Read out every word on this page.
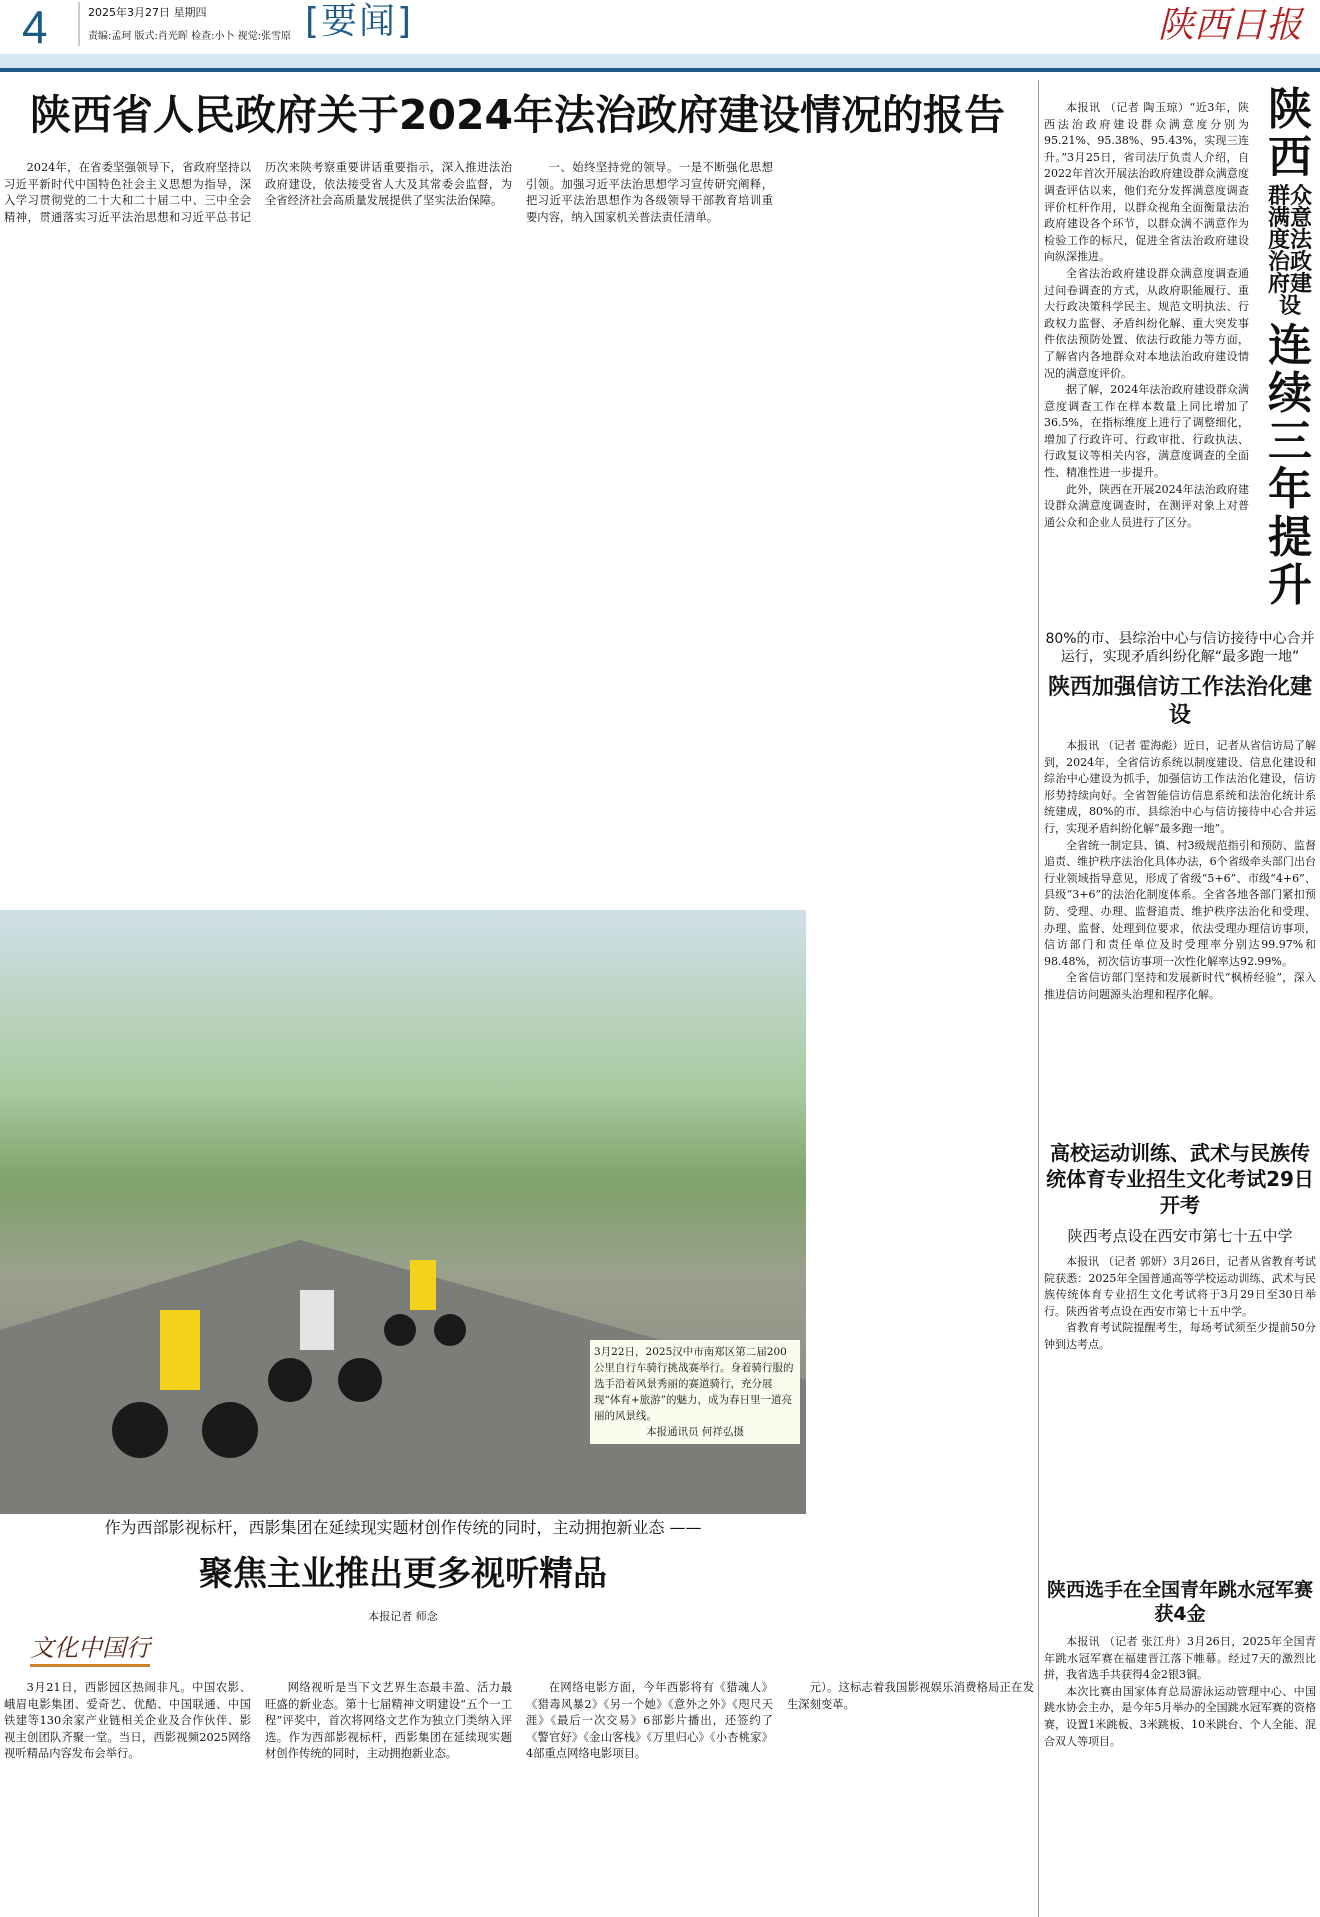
4	2025年3月27日 星期四
责编:孟珂 版式:肖光晖 检查:小卜 视觉:张雪原 [要闻]	陕西日报
陕西省人民政府关于2024年法治政府建设情况的报告

2024年，在省委坚强领导下，省政府坚持以习近平新时代中国特色社会主义思想为指导，深入学习贯彻党的二十大和二十届二中、三中全会精神，贯通落实习近平法治思想和习近平总书记历次来陕考察重要讲话重要指示，深入推进法治政府建设，依法接受省人大及其常委会监督，为全省经济社会高质量发展提供了坚实法治保障。

一、始终坚持党的领导。一是不断强化思想引领。加强习近平法治思想学习宣传研究阐释，把习近平法治思想作为各级领导干部教育培训重要内容，纳入国家机关普法责任清单。

本报讯 （记者 陶玉琼）“近3年，陕西法治政府建设群众满意度分别为95.21%、95.38%、95.43%，实现三连升。”3月25日，省司法厅负责人介绍，自2022年首次开展法治政府建设群众满意度调查评估以来，他们充分发挥满意度调查评价杠杆作用，以群众视角全面衡量法治政府建设各个环节，以群众满不满意作为检验工作的标尺，促进全省法治政府建设向纵深推进。

全省法治政府建设群众满意度调查通过问卷调查的方式，从政府职能履行、重大行政决策科学民主、规范文明执法、行政权力监督、矛盾纠纷化解、重大突发事件依法预防处置、依法行政能力等方面，了解省内各地群众对本地法治政府建设情况的满意度评价。

据了解，2024年法治政府建设群众满意度调查工作在样本数量上同比增加了36.5%，在指标维度上进行了调整细化，增加了行政许可、行政审批、行政执法、行政复议等相关内容，满意度调查的全面性、精准性进一步提升。

此外，陕西在开展2024年法治政府建设群众满意度调查时，在测评对象上对普通公众和企业人员进行了区分。

陕西
群众满意度法治政府建设
连续三年提升
80%的市、县综治中心与信访接待中心合并运行，实现矛盾纠纷化解“最多跑一地”
陕西加强信访工作法治化建设

本报讯 （记者 霍海彪）近日，记者从省信访局了解到，2024年，全省信访系统以制度建设、信息化建设和综治中心建设为抓手，加强信访工作法治化建设，信访形势持续向好。全省智能信访信息系统和法治化统计系统建成，80%的市、县综治中心与信访接待中心合并运行，实现矛盾纠纷化解“最多跑一地”。

全省统一制定县、镇、村3级规范指引和预防、监督追责、维护秩序法治化具体办法，6个省级牵头部门出台行业领域指导意见，形成了省级“5+6”、市级“4+6”、县级“3+6”的法治化制度体系。全省各地各部门紧扣预防、受理、办理、监督追责、维护秩序法治化和受理、办理、监督、处理到位要求，依法受理办理信访事项，信访部门和责任单位及时受理率分别达99.97%和98.48%，初次信访事项一次性化解率达92.99%。

全省信访部门坚持和发展新时代“枫桥经验”，深入推进信访问题源头治理和程序化解。

高校运动训练、武术与民族传统体育专业招生文化考试29日开考
陕西考点设在西安市第七十五中学

本报讯 （记者 郭妍）3月26日，记者从省教育考试院获悉：2025年全国普通高等学校运动训练、武术与民族传统体育专业招生文化考试将于3月29日至30日举行。陕西省考点设在西安市第七十五中学。

省教育考试院提醒考生，每场考试须至少提前50分钟到达考点。

陕西选手在全国青年跳水冠军赛获4金

本报讯 （记者 张江舟）3月26日，2025年全国青年跳水冠军赛在福建晋江落下帷幕。经过7天的激烈比拼，我省选手共获得4金2银3铜。

本次比赛由国家体育总局游泳运动管理中心、中国跳水协会主办，是今年5月举办的全国跳水冠军赛的资格赛，设置1米跳板、3米跳板、10米跳台、个人全能、混合双人等项目。

3月22日，2025汉中市南郑区第二届200公里自行车骑行挑战赛举行。身着骑行服的选手沿着风景秀丽的赛道骑行，充分展现“体育+旅游”的魅力，成为春日里一道亮丽的风景线。
本报通讯员 何祥弘摄
作为西部影视标杆，西影集团在延续现实题材创作传统的同时，主动拥抱新业态 ——
聚焦主业推出更多视听精品
本报记者 师念
文化中国行

3月21日，西影园区热闹非凡。中国农影、峨眉电影集团、爱奇艺、优酷、中国联通、中国铁建等130余家产业链相关企业及合作伙伴、影视主创团队齐聚一堂。当日，西影视频2025网络视听精品内容发布会举行。

网络视听是当下文艺界生态最丰盈、活力最旺盛的新业态。第十七届精神文明建设“五个一工程”评奖中，首次将网络文艺作为独立门类纳入评选。作为西部影视标杆，西影集团在延续现实题材创作传统的同时，主动拥抱新业态。

在网络电影方面，今年西影将有《猎魂人》《猎毒风暴2》《另一个她》《意外之外》《咫尺天涯》《最后一次交易》6部影片播出，还签约了《警官好》《金山客栈》《万里归心》《小杏桃家》4部重点网络电影项目。

元）。这标志着我国影视娱乐消费格局正在发生深刻变革。
